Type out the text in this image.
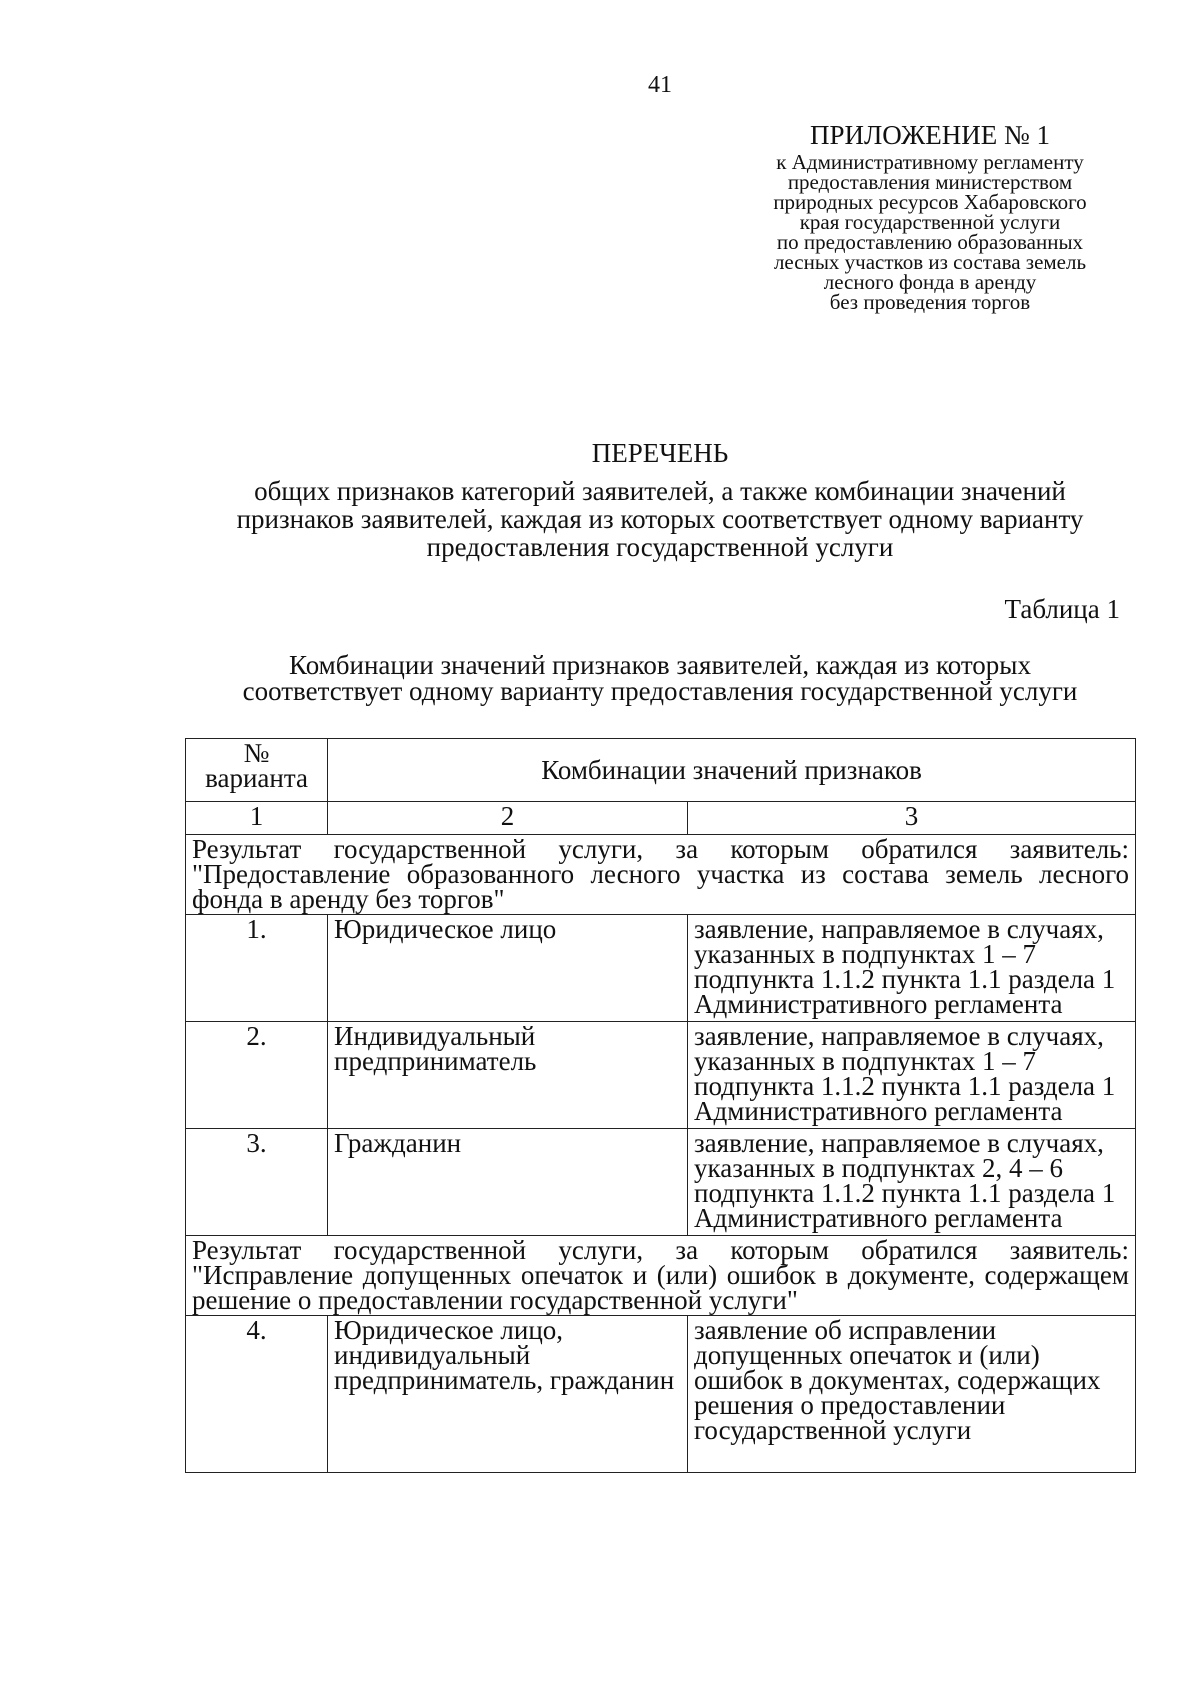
41
ПРИЛОЖЕНИЕ № 1
к Административному регламенту
предоставления министерством
природных ресурсов Хабаровского
края государственной услуги
по предоставлению образованных
лесных участков из состава земель
лесного фонда в аренду
без проведения торгов
ПЕРЕЧЕНЬ
общих признаков категорий заявителей, а также комбинации значений
признаков заявителей, каждая из которых соответствует одному варианту
предоставления государственной услуги
Таблица 1
Комбинации значений признаков заявителей, каждая из которых
соответствует одному варианту предоставления государственной услуги
№ варианта	Комбинации значений признаков	
1	2	3
Результат государственной услуги, за которым обратился заявитель: "Предоставление образованного лесного участка из состава земель лесного фонда в аренду без торгов"		
1.	Юридическое лицо	заявление, направляемое в случаях, указанных в подпунктах 1 – 7 подпункта 1.1.2 пункта 1.1 раздела 1 Административного регламента
2.	Индивидуальный предприниматель	заявление, направляемое в случаях, указанных в подпунктах 1 – 7 подпункта 1.1.2 пункта 1.1 раздела 1 Административного регламента
3.	Гражданин	заявление, направляемое в случаях, указанных в подпунктах 2, 4 – 6 подпункта 1.1.2 пункта 1.1 раздела 1 Административного регламента
Результат государственной услуги, за которым обратился заявитель: "Исправление допущенных опечаток и (или) ошибок в документе, содержащем решение о предоставлении государственной услуги"		
4.	Юридическое лицо, индивидуальный предприниматель, гражданин	заявление об исправлении допущенных опечаток и (или) ошибок в документах, содержащих решения о предоставлении государственной услуги
